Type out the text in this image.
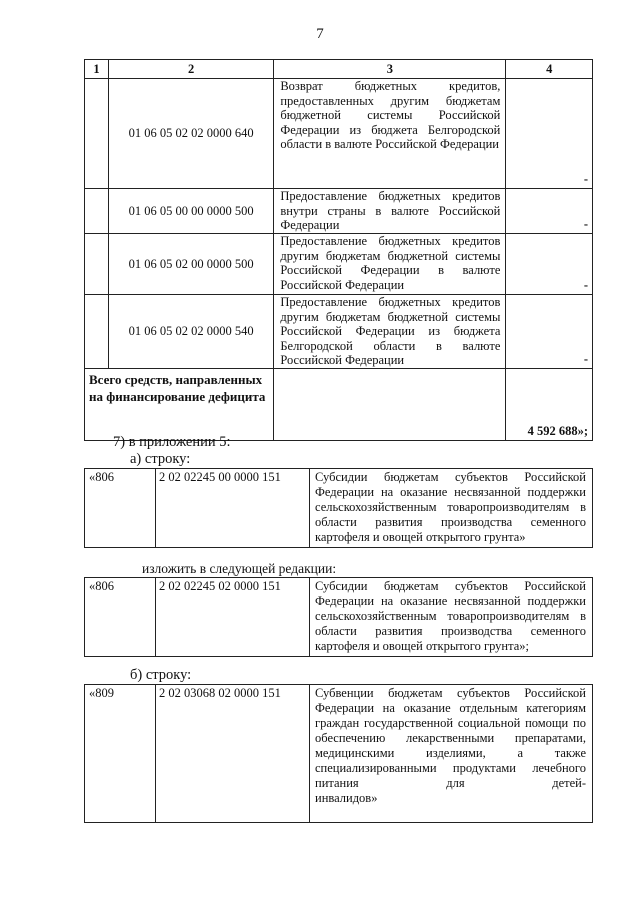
7
1	2	3	4
	01 06 05 02 02 0000 640	Возврат бюджетных кредитов, предоставленных другим бюджетам бюджетной системы Российской Федерации из бюджета Белгородской области в валюте Российской Федерации	-
	01 06 05 00 00 0000 500	Предоставление бюджетных кредитов внутри страны в валюте Российской Федерации	-
	01 06 05 02 00 0000 500	Предоставление бюджетных кредитов другим бюджетам бюджетной системы Российской Федерации в валюте Российской Федерации	-
	01 06 05 02 02 0000 540	Предоставление бюджетных кредитов другим бюджетам бюджетной системы Российской Федерации из бюджета Белгородской области в валюте Российской Федерации	-
Всего средств, направленных на финансирование дефицита			4 592 688»;
7) в приложении 5:
а) строку:
«806	2 02 02245 00 0000 151	Субсидии бюджетам субъектов Российской Федерации на оказание несвязанной поддержки сельскохозяйственным товаропроизводителям в области развития производства семенного
картофеля и овощей открытого грунта»
изложить в следующей редакции:
«806	2 02 02245 02 0000 151	Субсидии бюджетам субъектов Российской Федерации на оказание несвязанной поддержки сельскохозяйственным товаропроизводителям в области развития производства семенного
картофеля и овощей открытого грунта»;
б) строку:
«809	2 02 03068 02 0000 151	Субвенции бюджетам субъектов Российской Федерации на оказание отдельным категориям граждан государственной социальной помощи по обеспечению лекарственными препаратами, медицинскими изделиями, а также специализированными продуктами лечебного питания для детей-
инвалидов»
